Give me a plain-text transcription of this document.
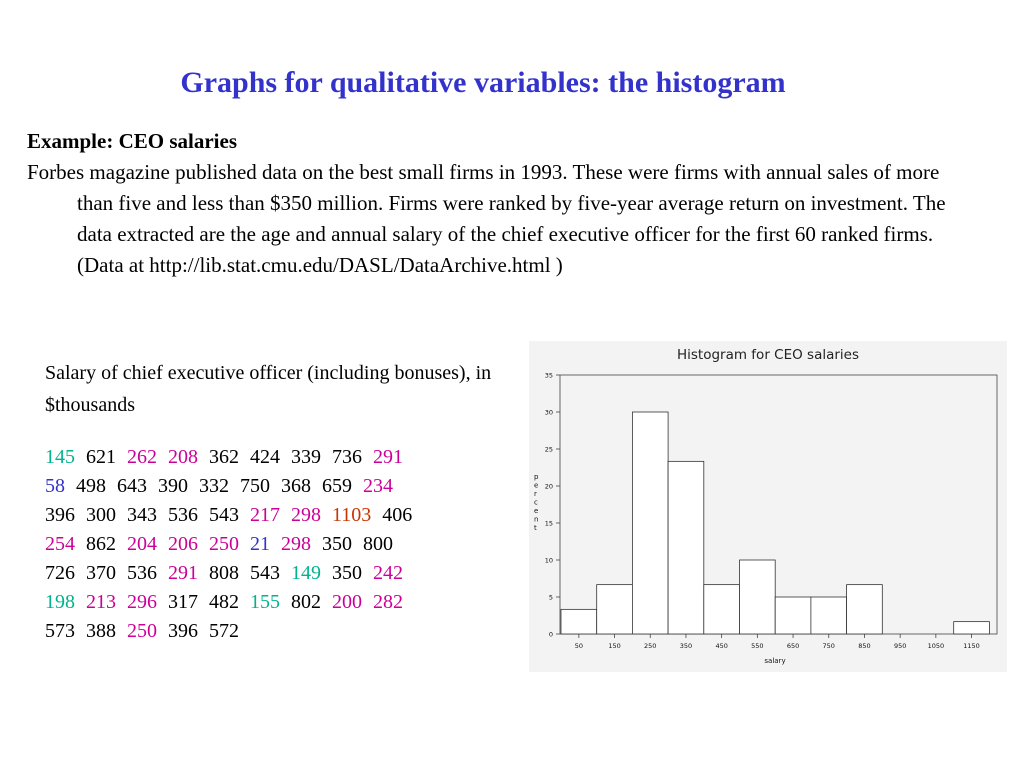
Graphs for qualitative variables: the histogram
Example: CEO salaries
Forbes magazine published data on the best small firms in 1993. These were firms with annual sales of more than five and less than $350 million. Firms were ranked by five-year average return on investment. The data extracted are the age and annual salary of the chief executive officer for the first 60 ranked firms. (Data at http://lib.stat.cmu.edu/DASL/DataArchive.html )
Salary of chief executive officer (including bonuses), in $thousands
145 621 262 208 362 424 339 736 291
58 498 643 390 332 750 368 659 234
396 300 343 536 543 217 298 1103 406
254 862 204 206 250 21 298 350 800
726 370 536 291 808 543 149 350 242
198 213 296 317 482 155 802 200 282
573 388 250 396 572
Histogram for CEO salaries
0
5
10
15
20
25
30
35
p e r c e n t
50	150	250	350	450	550	650	750	850	950	1050	1150
salary
